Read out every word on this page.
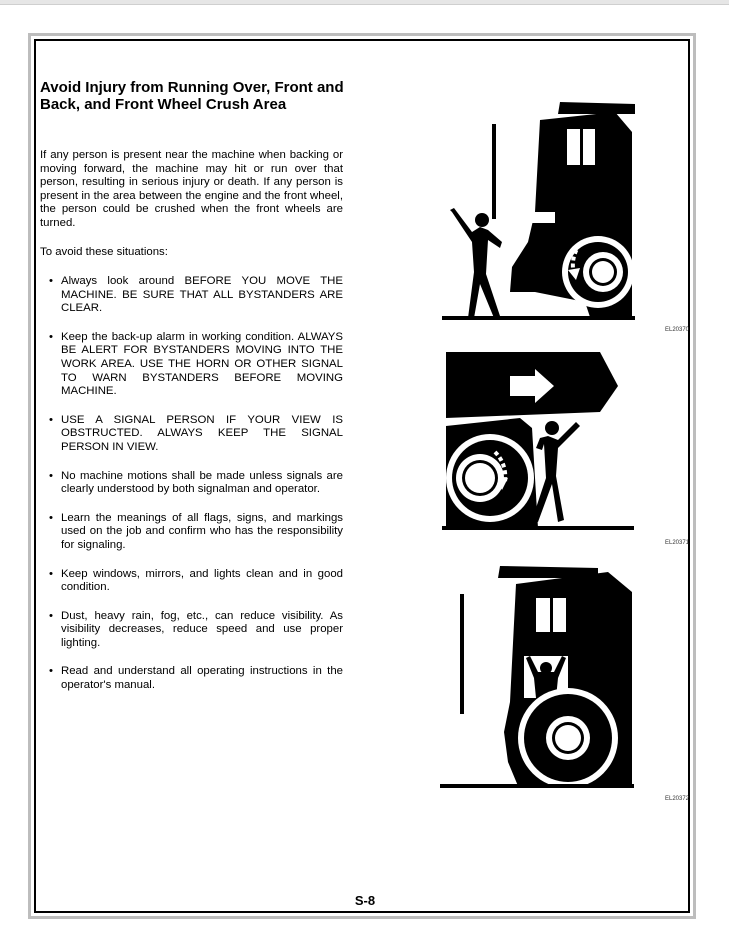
Avoid Injury from Running Over, Front and Back, and Front Wheel Crush Area

If any person is present near the machine when backing or moving forward, the machine may hit or run over that person, resulting in serious injury or death. If any person is present in the area between the engine and the front wheel, the person could be crushed when the front wheels are turned.

To avoid these situations:

• Always look around BEFORE YOU MOVE THE MACHINE. BE SURE THAT ALL BYSTANDERS ARE CLEAR.
• Keep the back-up alarm in working condition. ALWAYS BE ALERT FOR BYSTANDERS MOVING INTO THE WORK AREA. USE THE HORN OR OTHER SIGNAL TO WARN BYSTANDERS BEFORE MOVING MACHINE.
• USE A SIGNAL PERSON IF YOUR VIEW IS OBSTRUCTED. ALWAYS KEEP THE SIGNAL PERSON IN VIEW.
• No machine motions shall be made unless signals are clearly understood by both signalman and operator.
• Learn the meanings of all flags, signs, and markings used on the job and confirm who has the responsibility for signaling.
• Keep windows, mirrors, and lights clean and in good condition.
• Dust, heavy rain, fog, etc., can reduce visibility. As visibility decreases, reduce speed and use proper lighting.
• Read and understand all operating instructions in the operator's manual.
EL20370
EL20371
EL20372
S-8
